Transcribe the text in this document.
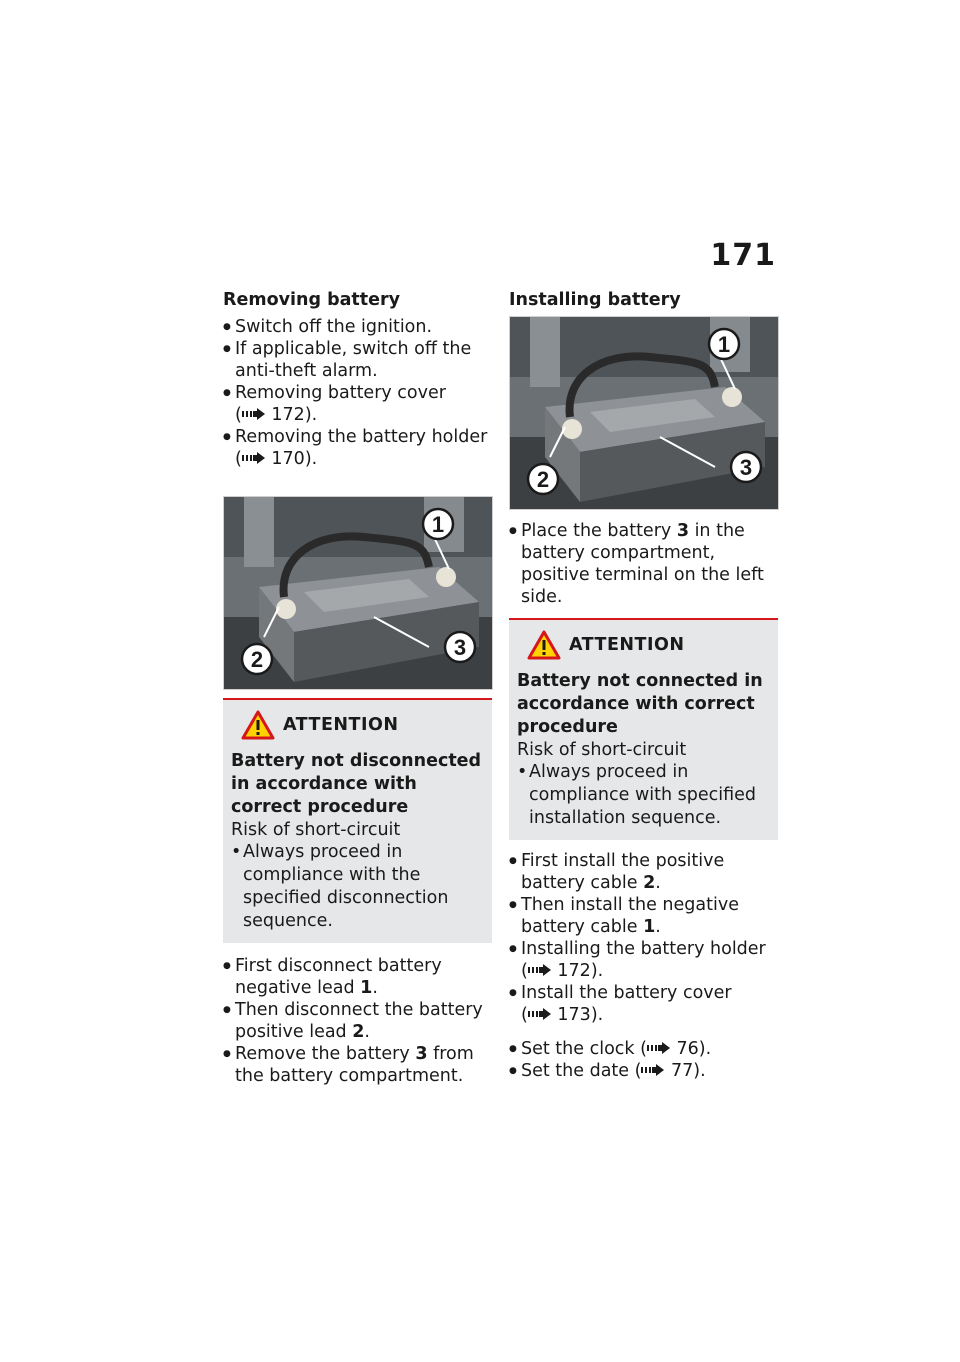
171
Removing battery
● Switch off the ignition.
● If applicable, switch off the anti-theft alarm.
● Removing battery cover ( 172).
● Removing the battery holder ( 170).
1
2	3
ATTENTION
Battery not disconnected in accordance with correct procedure
Risk of short-circuit
• Always proceed in compliance with the specified disconnection sequence.
● First disconnect battery negative lead 1.
● Then disconnect the battery positive lead 2.
● Remove the battery 3 from the battery compartment.
Installing battery
1
2	3
● Place the battery 3 in the battery compartment, positive terminal on the left side.
ATTENTION
Battery not connected in accordance with correct procedure
Risk of short-circuit
• Always proceed in compliance with specified installation sequence.
● First install the positive battery cable 2.
● Then install the negative battery cable 1.
● Installing the battery holder ( 172).
● Install the battery cover ( 173).
● Set the clock ( 76).
● Set the date ( 77).
